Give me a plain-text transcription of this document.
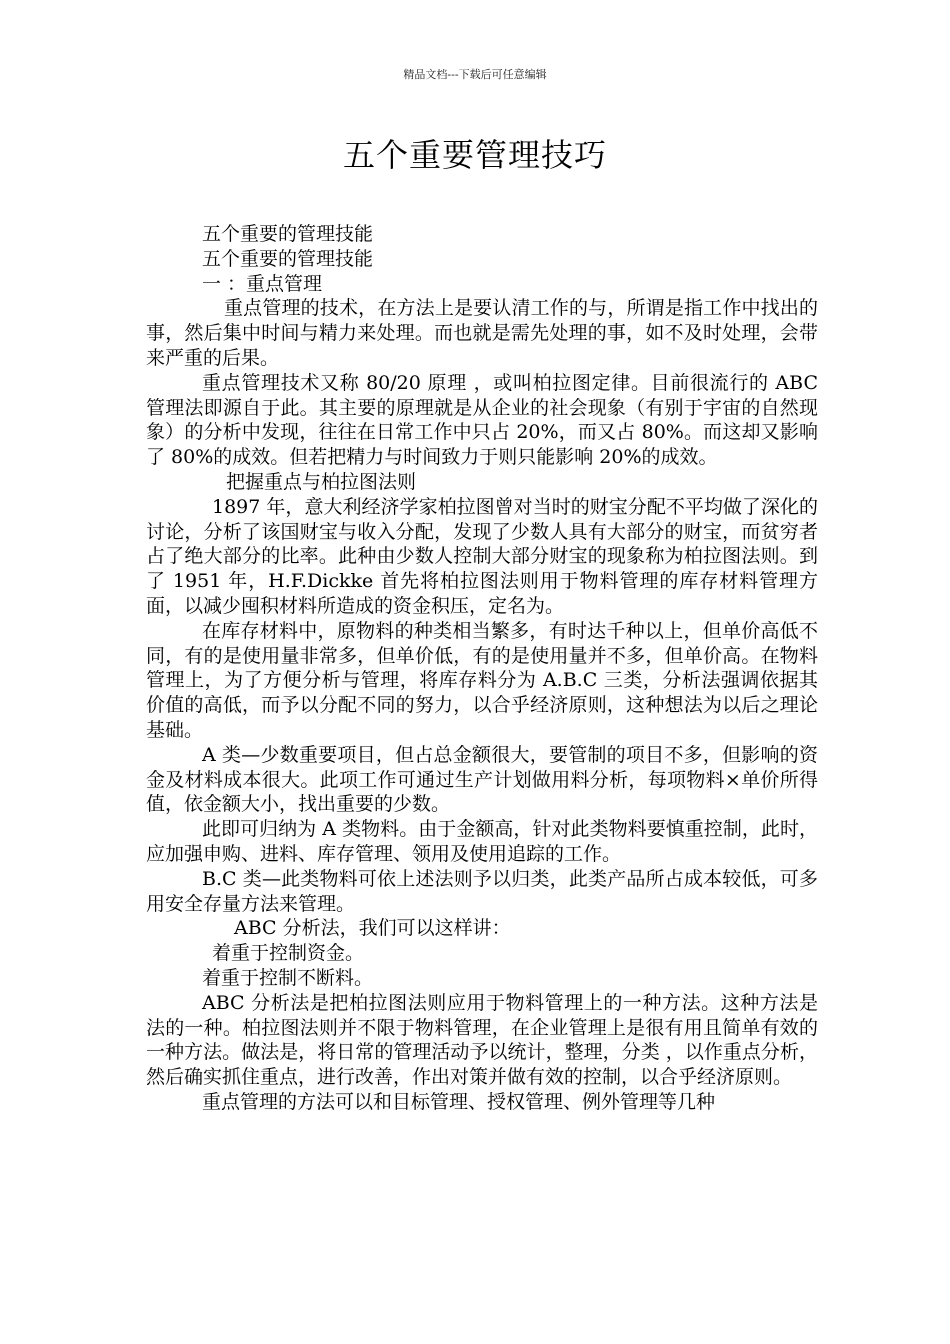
精品文档---下载后可任意编辑
五个重要管理技巧

五个重要的管理技能

五个重要的管理技能

一 ：重点管理

重点管理的技术，在方法上是要认清工作的与，所谓是指工作中找出的事，然后集中时间与精力来处理。而也就是需先处理的事，如不及时处理，会带来严重的后果。

重点管理技术又称 80/20 原理 ，或叫柏拉图定律。目前很流行的 ABC 管理法即源自于此。其主要的原理就是从企业的社会现象（有别于宇宙的自然现象）的分析中发现，往往在日常工作中只占 20%，而又占 80%。而这却又影响了 80%的成效。但若把精力与时间致力于则只能影响 20%的成效。

把握重点与柏拉图法则

1897 年，意大利经济学家柏拉图曾对当时的财宝分配不平均做了深化的讨论，分析了该国财宝与收入分配，发现了少数人具有大部分的财宝，而贫穷者占了绝大部分的比率。此种由少数人控制大部分财宝的现象称为柏拉图法则。到了 1951 年，H.F.Dickke 首先将柏拉图法则用于物料管理的库存材料管理方面，以减少囤积材料所造成的资金积压，定名为。

在库存材料中，原物料的种类相当繁多，有时达千种以上，但单价高低不同，有的是使用量非常多，但单价低，有的是使用量并不多，但单价高。在物料管理上，为了方便分析与管理，将库存料分为 A.B.C 三类，分析法强调依据其价值的高低，而予以分配不同的努力，以合乎经济原则，这种想法为以后之理论基础。

A 类—少数重要项目，但占总金额很大，要管制的项目不多，但影响的资金及材料成本很大。此项工作可通过生产计划做用料分析，每项物料×单价所得值，依金额大小，找出重要的少数。

此即可归纳为 A 类物料。由于金额高，针对此类物料要慎重控制，此时，应加强申购、进料、库存管理、领用及使用追踪的工作。

B.C 类—此类物料可依上述法则予以归类，此类产品所占成本较低，可多用安全存量方法来管理。

ABC 分析法，我们可以这样讲：

着重于控制资金。

着重于控制不断料。

ABC 分析法是把柏拉图法则应用于物料管理上的一种方法。这种方法是法的一种。柏拉图法则并不限于物料管理，在企业管理上是很有用且简单有效的一种方法。做法是，将日常的管理活动予以统计，整理，分类 ，以作重点分析，然后确实抓住重点，进行改善，作出对策并做有效的控制，以合乎经济原则。

重点管理的方法可以和目标管理、授权管理、例外管理等几种
